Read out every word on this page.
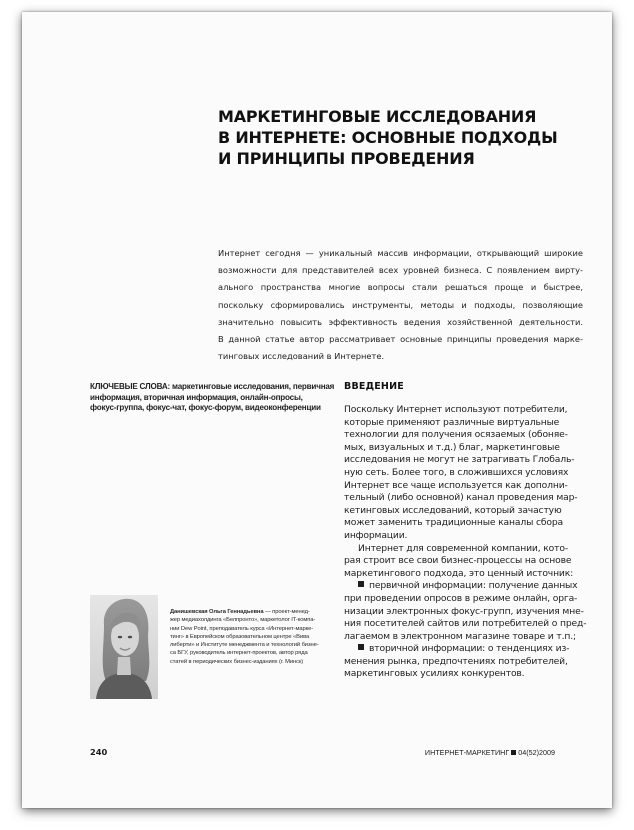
МАРКЕТИНГОВЫЕ ИССЛЕДОВАНИЯ
В ИНТЕРНЕТЕ: ОСНОВНЫЕ ПОДХОДЫ
И ПРИНЦИПЫ ПРОВЕДЕНИЯ
Интернет сегодня — уникальный массив информации, открывающий широкие
возможности для представителей всех уровней бизнеса. С появлением вирту-
ального пространства многие вопросы стали решаться проще и быстрее,
поскольку сформировались инструменты, методы и подходы, позволяющие
значительно повысить эффективность ведения хозяйственной деятельности.
В данной статье автор рассматривает основные принципы проведения марке-
тинговых исследований в Интернете.
КЛЮЧЕВЫЕ СЛОВА: маркетинговые исследования, первичная
информация, вторичная информация, онлайн-опросы,
фокус-группа, фокус-чат, фокус-форум, видеоконференции
ВВЕДЕНИЕ

Поскольку Интернет используют потребители,
которые применяют различные виртуальные
технологии для получения осязаемых (обоняе-
мых, визуальных и т.д.) благ, маркетинговые
исследования не могут не затрагивать Глобаль-
ную сеть. Более того, в сложившихся условиях
Интернет все чаще используется как дополни-
тельный (либо основной) канал проведения мар-
кетинговых исследований, который зачастую
может заменить традиционные каналы сбора
информации.

Интернет для современной компании, кото-
рая строит все свои бизнес-процессы на основе
маркетингового подхода, это ценный источник:

первичной информации: получение данных
при проведении опросов в режиме онлайн, орга-
низации электронных фокус-групп, изучения мне-
ния посетителей сайтов или потребителей о пред-
лагаемом в электронном магазине товаре и т.п.;

вторичной информации: о тенденциях из-
менения рынка, предпочтениях потребителей,
маркетинговых усилиях конкурентов.

Данишевская Ольга Геннадьевна — проект-менед-
жер медиахолдинга «Белпронто», маркетолог IT-компа-
нии Dew Point, преподаватель курса «Интернет-марке-
тинг» в Европейском образовательном центре «Вива
либерти» и Институте менеджмента и технологий бизне-
са БГУ, руководитель интернет-проектов, автор ряда
статей в периодических бизнес-изданиях (г. Минск)
240	ИНТЕРНЕТ-МАРКЕТИНГ 04(52)2009
